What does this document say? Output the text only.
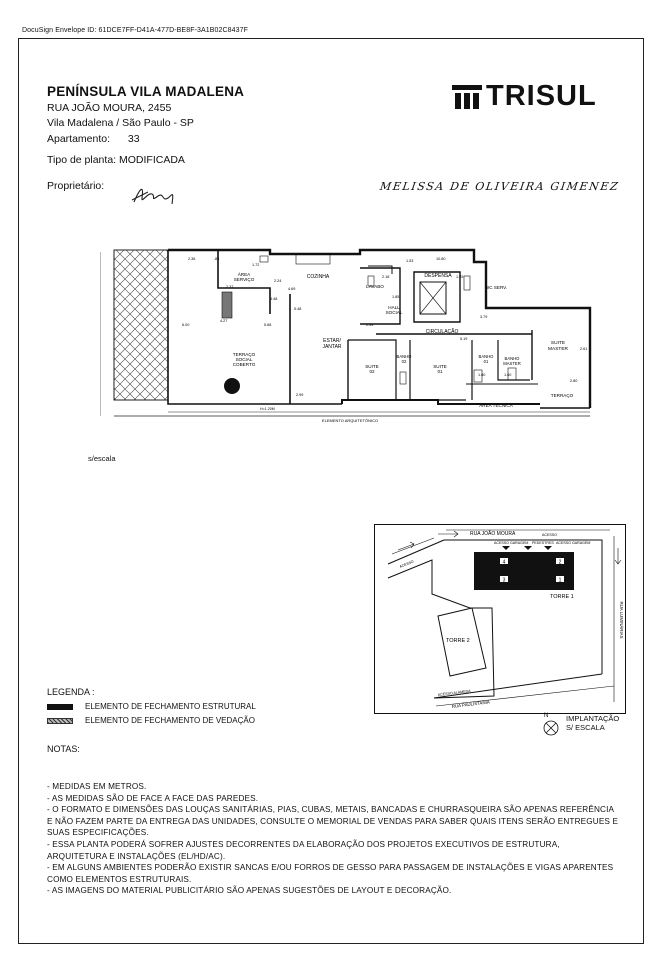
DocuSign Envelope ID: 61DCE7FF-D41A-477D-BE8F-3A1B02C8437F
PENÍNSULA VILA MADALENA
RUA JOÃO MOURA, 2455
Vila Madalena / São Paulo - SP
Apartamento: 33
Tipo de planta: MODIFICADA
Proprietário:	MELISSA DE OLIVEIRA GIMENEZ
TRISUL
ELEMENTO ARQUITETÔNICO
ÁREA
SERVIÇO	COZINHA	DESPENSA
LAVABO	WC SERV.
HALL
SOCIAL
CIRCULAÇÃO
ESTAR/
JANTAR
TERRAÇO
SOCIAL
COBERTO	SUITE
02
SUITE
01
BANHO
02
BANHO
01
BANHO
MASTER
SUITE
MASTER
ÁREA TÉCNICA
TERRAÇO
2.36	.85
1.72
2.37
4.27
6.00
2.24
4.69
4.48
5.48
5.68
2.99
1.53	10.80
2.18	1.25
1.85
3.79
2.34
5.19
2.61
1.80	1.60
2.80
H=1.20M
s/escala
4	2
3	1
RUA JOÃO MOURA	ACESSO
ACESSO GARAGEM PEDESTRES ACESSO GARAGEM
TORRE 1
TORRE 2
RUA LUMINÁRIAS
RUA PAULISTANIA
ACESSO ALAMEDA
ACESSO
N IMPLANTAÇÃO
S/ ESCALA
LEGENDA :
ELEMENTO DE FECHAMENTO ESTRUTURAL
ELEMENTO DE FECHAMENTO DE VEDAÇÃO
NOTAS:

- MEDIDAS EM METROS.

- AS MEDIDAS SÃO DE FACE A FACE DAS PAREDES.

- O FORMATO E DIMENSÕES DAS LOUÇAS SANITÁRIAS, PIAS, CUBAS, METAIS, BANCADAS E CHURRASQUEIRA SÃO APENAS REFERÊNCIA E NÃO FAZEM PARTE DA ENTREGA DAS UNIDADES, CONSULTE O MEMORIAL DE VENDAS PARA SABER QUAIS ITENS SERÃO ENTREGUES E SUAS ESPECIFICAÇÕES.

- ESSA PLANTA PODERÁ SOFRER AJUSTES DECORRENTES DA ELABORAÇÃO DOS PROJETOS EXECUTIVOS DE ESTRUTURA, ARQUITETURA E INSTALAÇÕES (EL/HD/AC).

- EM ALGUNS AMBIENTES PODERÃO EXISTIR SANCAS E/OU FORROS DE GESSO PARA PASSAGEM DE INSTALAÇÕES E VIGAS APARENTES COMO ELEMENTOS ESTRUTURAIS.

- AS IMAGENS DO MATERIAL PUBLICITÁRIO SÃO APENAS SUGESTÕES DE LAYOUT E DECORAÇÃO.
